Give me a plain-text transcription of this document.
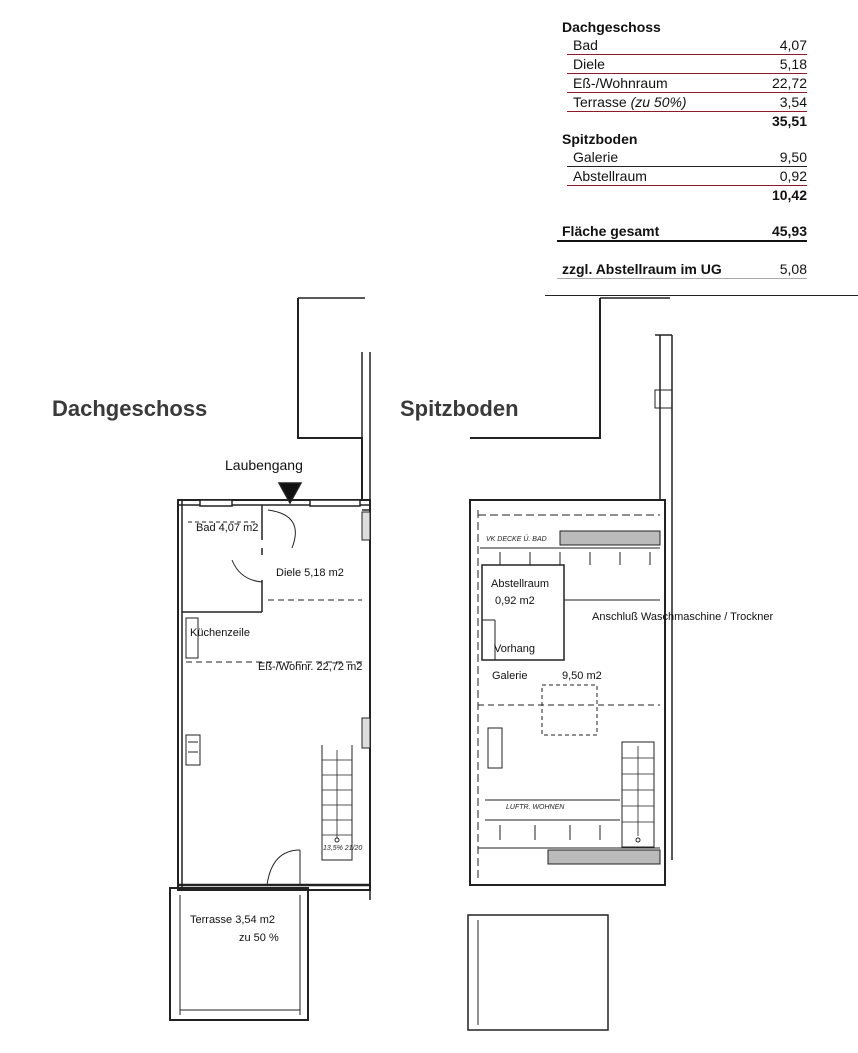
Dachgeschoss
Bad	4,07
Diele	5,18
Eß-/Wohnraum	22,72
Terrasse (zu 50%)	3,54
35,51
Spitzboden
Galerie	9,50
Abstellraum	0,92
10,42
Fläche gesamt	45,93
zzgl. Abstellraum im UG	5,08
Dachgeschoss	Spitzboden
Laubengang
Bad 4,07 m2
Diele 5,18 m2
Küchenzeile
Eß-/Wohnr. 22,72 m2
13,5% 21/20
Terrasse 3,54 m2
zu 50 %
VK DECKE Ü. BAD
Abstellraum
0,92 m2
Anschluß Waschmaschine / Trockner
Vorhang
Galerie	9,50 m2
LUFTR. WOHNEN
